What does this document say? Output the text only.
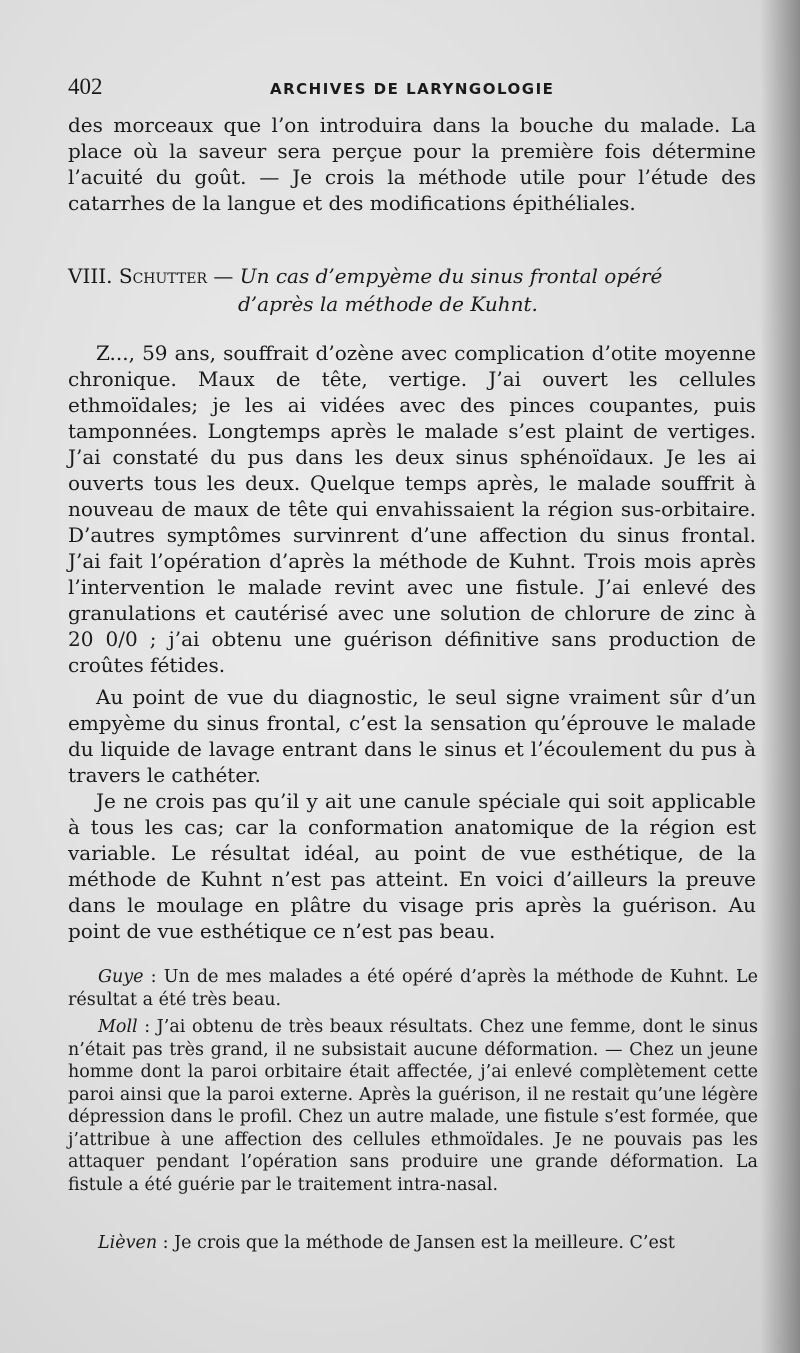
402	ARCHIVES DE LARYNGOLOGIE

des morceaux que l’on introduira dans la bouche du malade. La place où la saveur sera perçue pour la première fois détermine l’acuité du goût. — Je crois la méthode utile pour l’étude des catarrhes de la langue et des modifications épithéliales.

VIII. Schutter — Un cas d’empyème du sinus frontal opéré
d’après la méthode de Kuhnt.

Z..., 59 ans, souffrait d’ozène avec complication d’otite moyenne chronique. Maux de tête, vertige. J’ai ouvert les cellules ethmoïdales; je les ai vidées avec des pinces coupantes, puis tamponnées. Longtemps après le malade s’est plaint de vertiges. J’ai constaté du pus dans les deux sinus sphénoïdaux. Je les ai ouverts tous les deux. Quelque temps après, le malade souffrit à nouveau de maux de tête qui envahissaient la région sus-orbitaire. D’autres symptômes survinrent d’une affection du sinus frontal. J’ai fait l’opération d’après la méthode de Kuhnt. Trois mois après l’intervention le malade revint avec une fistule. J’ai enlevé des granulations et cautérisé avec une solution de chlorure de zinc à 20 0/0 ; j’ai obtenu une guérison définitive sans production de croûtes fétides.

Au point de vue du diagnostic, le seul signe vraiment sûr d’un empyème du sinus frontal, c’est la sensation qu’éprouve le malade du liquide de lavage entrant dans le sinus et l’écoulement du pus à travers le cathéter.

Je ne crois pas qu’il y ait une canule spéciale qui soit applicable à tous les cas; car la conformation anatomique de la région est variable. Le résultat idéal, au point de vue esthétique, de la méthode de Kuhnt n’est pas atteint. En voici d’ailleurs la preuve dans le moulage en plâtre du visage pris après la guérison. Au point de vue esthétique ce n’est pas beau.

Guye : Un de mes malades a été opéré d’après la méthode de Kuhnt. Le résultat a été très beau.

Moll : J’ai obtenu de très beaux résultats. Chez une femme, dont le sinus n’était pas très grand, il ne subsistait aucune déformation. — Chez un jeune homme dont la paroi orbitaire était affectée, j’ai enlevé complètement cette paroi ainsi que la paroi externe. Après la guérison, il ne restait qu’une légère dépression dans le profil. Chez un autre malade, une fistule s’est formée, que j’attribue à une affection des cellules ethmoïdales. Je ne pouvais pas les attaquer pendant l’opération sans produire une grande déformation. La fistule a été guérie par le traitement intra-nasal.

Lièven : Je crois que la méthode de Jansen est la meilleure. C’est
